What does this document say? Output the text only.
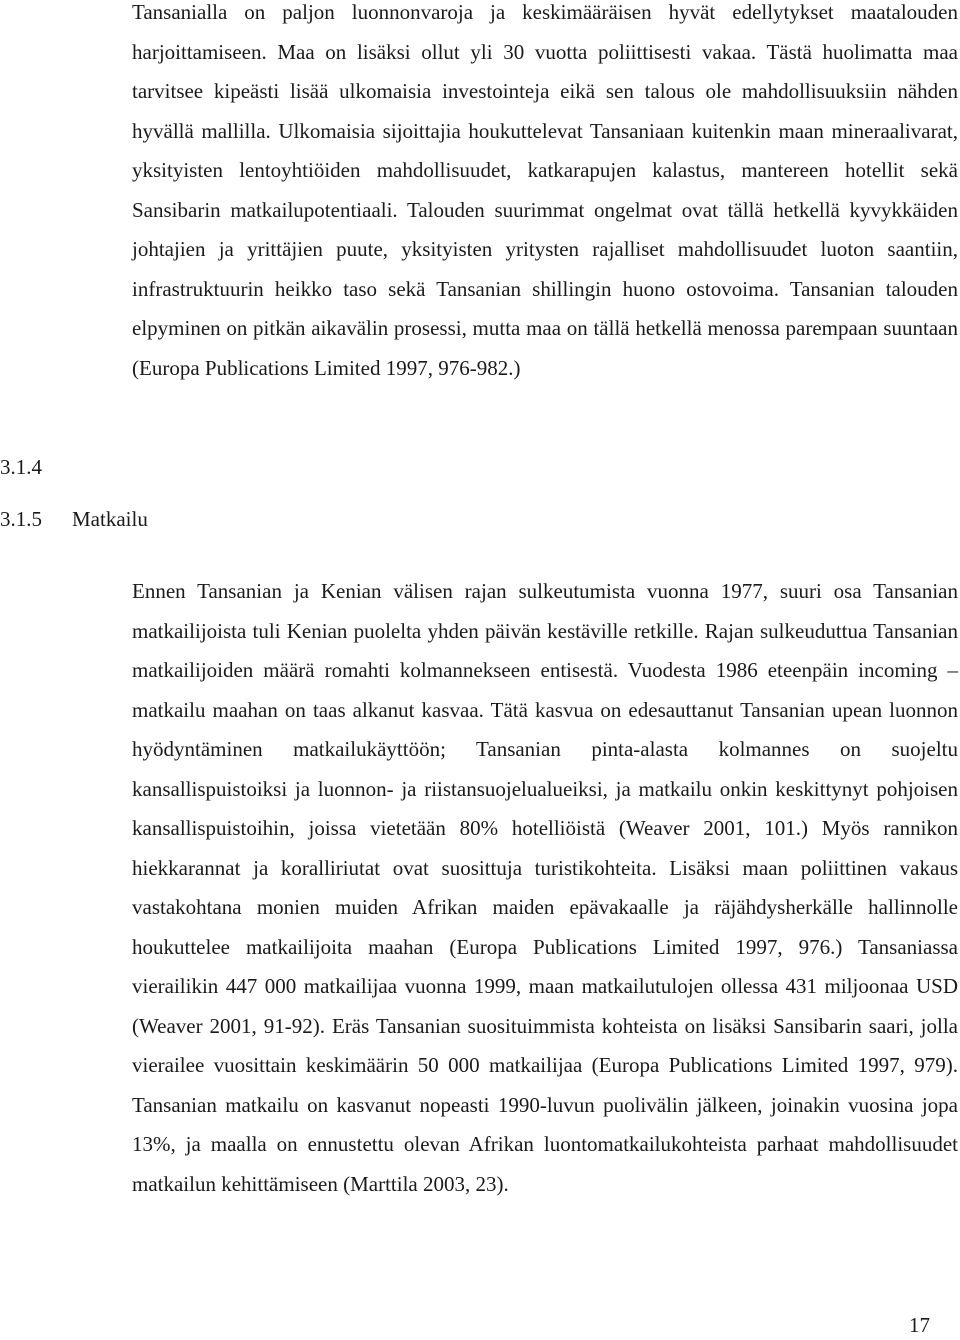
Tansanialla on paljon luonnonvaroja ja keskimääräisen hyvät edellytykset maatalouden harjoittamiseen. Maa on lisäksi ollut yli 30 vuotta poliittisesti vakaa. Tästä huolimatta maa tarvitsee kipeästi lisää ulkomaisia investointeja eikä sen talous ole mahdollisuuksiin nähden hyvällä mallilla. Ulkomaisia sijoittajia houkuttelevat Tansaniaan kuitenkin maan mineraalivarat, yksityisten lentoyhtiöiden mahdollisuudet, katkarapujen kalastus, mantereen hotellit sekä Sansibarin matkailupotentiaali. Talouden suurimmat ongelmat ovat tällä hetkellä kyvykkäiden johtajien ja yrittäjien puute, yksityisten yritysten rajalliset mahdollisuudet luoton saantiin, infrastruktuurin heikko taso sekä Tansanian shillingin huono ostovoima. Tansanian talouden elpyminen on pitkän aikavälin prosessi, mutta maa on tällä hetkellä menossa parempaan suuntaan (Europa Publications Limited 1997, 976-982.)

3.1.4
3.1.5 Matkailu

Ennen Tansanian ja Kenian välisen rajan sulkeutumista vuonna 1977, suuri osa Tansanian matkailijoista tuli Kenian puolelta yhden päivän kestäville retkille. Rajan sulkeuduttua Tansanian matkailijoiden määrä romahti kolmannekseen entisestä. Vuodesta 1986 eteenpäin incoming – matkailu maahan on taas alkanut kasvaa. Tätä kasvua on edesauttanut Tansanian upean luonnon hyödyntäminen matkailukäyttöön; Tansanian pinta-alasta kolmannes on suojeltu kansallispuistoiksi ja luonnon- ja riistansuojelualueiksi, ja matkailu onkin keskittynyt pohjoisen kansallispuistoihin, joissa vietetään 80% hotelliöistä (Weaver 2001, 101.) Myös rannikon hiekkarannat ja koralliriutat ovat suosittuja turistikohteita. Lisäksi maan poliittinen vakaus vastakohtana monien muiden Afrikan maiden epävakaalle ja räjähdysherkälle hallinnolle houkuttelee matkailijoita maahan (Europa Publications Limited 1997, 976.) Tansaniassa vierailikin 447 000 matkailijaa vuonna 1999, maan matkailutulojen ollessa 431 miljoonaa USD (Weaver 2001, 91-92). Eräs Tansanian suosituimmista kohteista on lisäksi Sansibarin saari, jolla vierailee vuosittain keskimäärin 50 000 matkailijaa (Europa Publications Limited 1997, 979). Tansanian matkailu on kasvanut nopeasti 1990-luvun puolivälin jälkeen, joinakin vuosina jopa 13%, ja maalla on ennustettu olevan Afrikan luontomatkailukohteista parhaat mahdollisuudet matkailun kehittämiseen (Marttila 2003, 23).

17
